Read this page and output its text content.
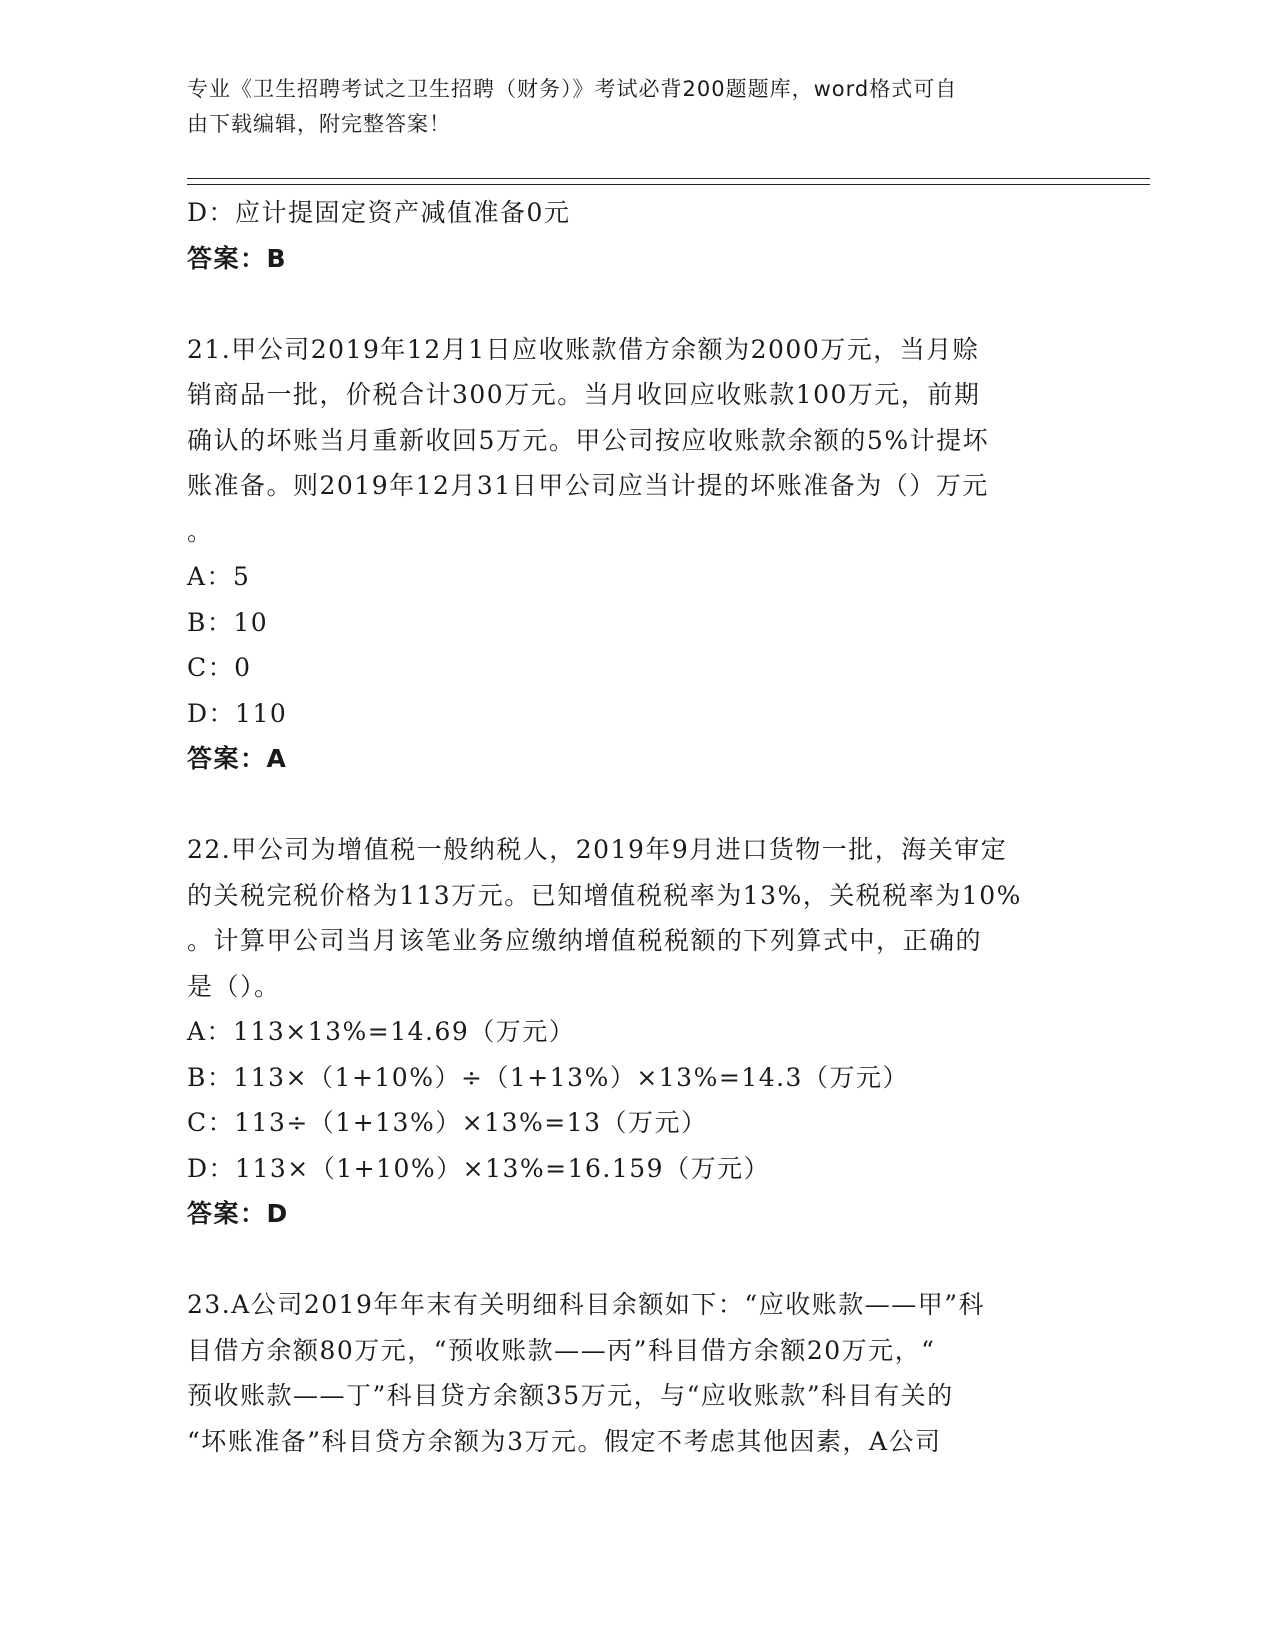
专业《卫生招聘考试之卫生招聘（财务）》考试必背200题题库，word格式可自
由下载编辑，附完整答案！
D：应计提固定资产减值准备0元
答案：B
21.甲公司2019年12月1日应收账款借方余额为2000万元，当月赊
销商品一批，价税合计300万元。当月收回应收账款100万元，前期
确认的坏账当月重新收回5万元。甲公司按应收账款余额的5%计提坏
账准备。则2019年12月31日甲公司应当计提的坏账准备为（）万元
。
A：5
B：10
C：0
D：110
答案：A
22.甲公司为增值税一般纳税人，2019年9月进口货物一批，海关审定
的关税完税价格为113万元。已知增值税税率为13%，关税税率为10%
。计算甲公司当月该笔业务应缴纳增值税税额的下列算式中，正确的
是（）。
A：113×13%=14.69（万元）
B：113×（1+10%）÷（1+13%）×13%=14.3（万元）
C：113÷（1+13%）×13%=13（万元）
D：113×（1+10%）×13%=16.159（万元）
答案：D
23.A公司2019年年末有关明细科目余额如下：“应收账款——甲”科
目借方余额80万元，“预收账款——丙”科目借方余额20万元，“
预收账款——丁”科目贷方余额35万元，与“应收账款”科目有关的
“坏账准备”科目贷方余额为3万元。假定不考虑其他因素，A公司
